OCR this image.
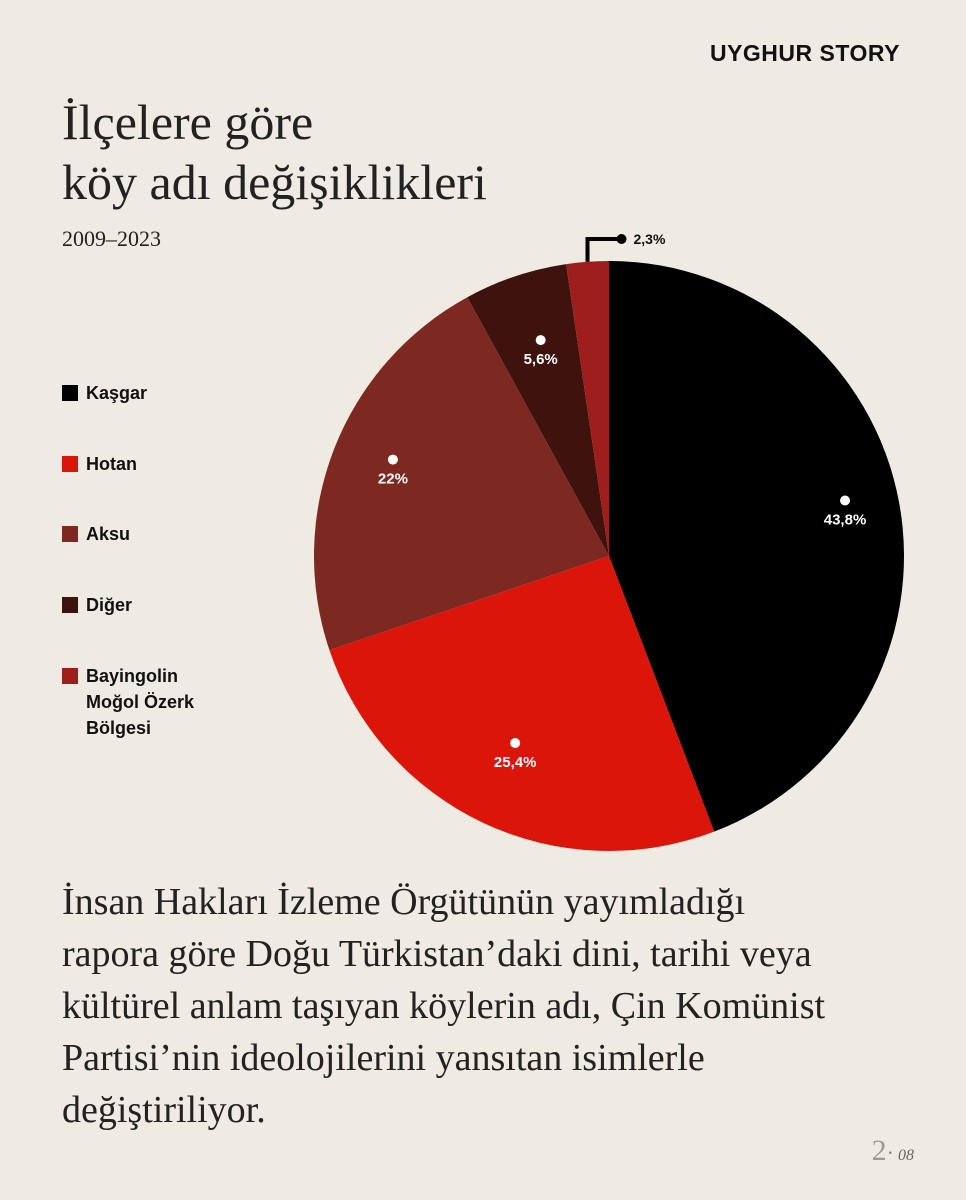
UYGHUR STORY
İlçelere göre
köy adı değişiklikleri
2009–2023
Kaşgar
Hotan
Aksu
Diğer
Bayingolin
Moğol Özerk
Bölgesi
43,8%
25,4%
22%
5,6%
2,3%
İnsan Hakları İzleme Örgütünün yayımladığı
rapora göre Doğu Türkistan’daki dini, tarihi veya
kültürel anlam taşıyan köylerin adı, Çin Komünist
Partisi’nin ideolojilerini yansıtan isimlerle
değiştiriliyor.
2· 08
